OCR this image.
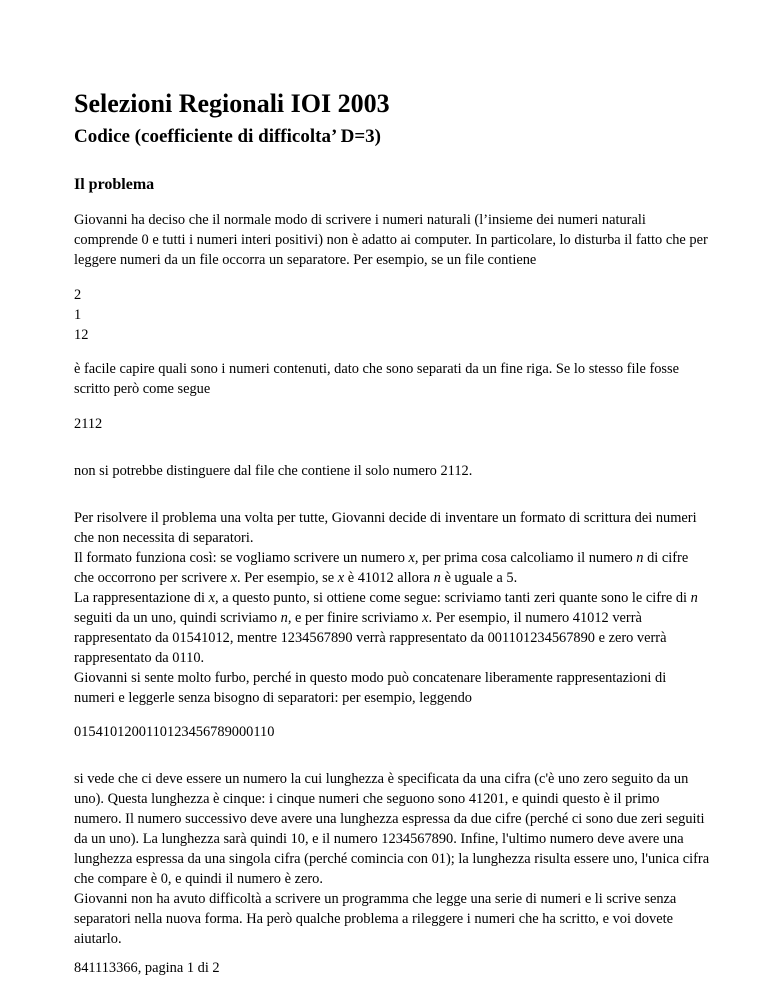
Selezioni Regionali IOI 2003
Codice (coefficiente di difficolta’ D=3)
Il problema
Giovanni ha deciso che il normale modo di scrivere i numeri naturali (l’insieme dei numeri naturali
comprende 0 e tutti i numeri interi positivi) non è adatto ai computer. In particolare, lo disturba il fatto che per
leggere numeri da un file occorra un separatore. Per esempio, se un file contiene
2
1
12
è facile capire quali sono i numeri contenuti, dato che sono separati da un fine riga. Se lo stesso file fosse
scritto però come segue
2112
non si potrebbe distinguere dal file che contiene il solo numero 2112.
Per risolvere il problema una volta per tutte, Giovanni decide di inventare un formato di scrittura dei numeri
che non necessita di separatori.
Il formato funziona così: se vogliamo scrivere un numero x, per prima cosa calcoliamo il numero n di cifre
che occorrono per scrivere x. Per esempio, se x è 41012 allora n è uguale a 5.
La rappresentazione di x, a questo punto, si ottiene come segue: scriviamo tanti zeri quante sono le cifre di n
seguiti da un uno, quindi scriviamo n, e per finire scriviamo x. Per esempio, il numero 41012 verrà
rappresentato da 01541012, mentre 1234567890 verrà rappresentato da 001101234567890 e zero verrà
rappresentato da 0110.
Giovanni si sente molto furbo, perché in questo modo può concatenare liberamente rappresentazioni di
numeri e leggerle senza bisogno di separatori: per esempio, leggendo
0154101200110123456789000110
si vede che ci deve essere un numero la cui lunghezza è specificata da una cifra (c'è uno zero seguito da un
uno). Questa lunghezza è cinque: i cinque numeri che seguono sono 41201, e quindi questo è il primo
numero. Il numero successivo deve avere una lunghezza espressa da due cifre (perché ci sono due zeri seguiti
da un uno). La lunghezza sarà quindi 10, e il numero 1234567890. Infine, l'ultimo numero deve avere una
lunghezza espressa da una singola cifra (perché comincia con 01); la lunghezza risulta essere uno, l'unica cifra
che compare è 0, e quindi il numero è zero.
Giovanni non ha avuto difficoltà a scrivere un programma che legge una serie di numeri e li scrive senza
separatori nella nuova forma. Ha però qualche problema a rileggere i numeri che ha scritto, e voi dovete
aiutarlo.
841113366, pagina 1 di 2
